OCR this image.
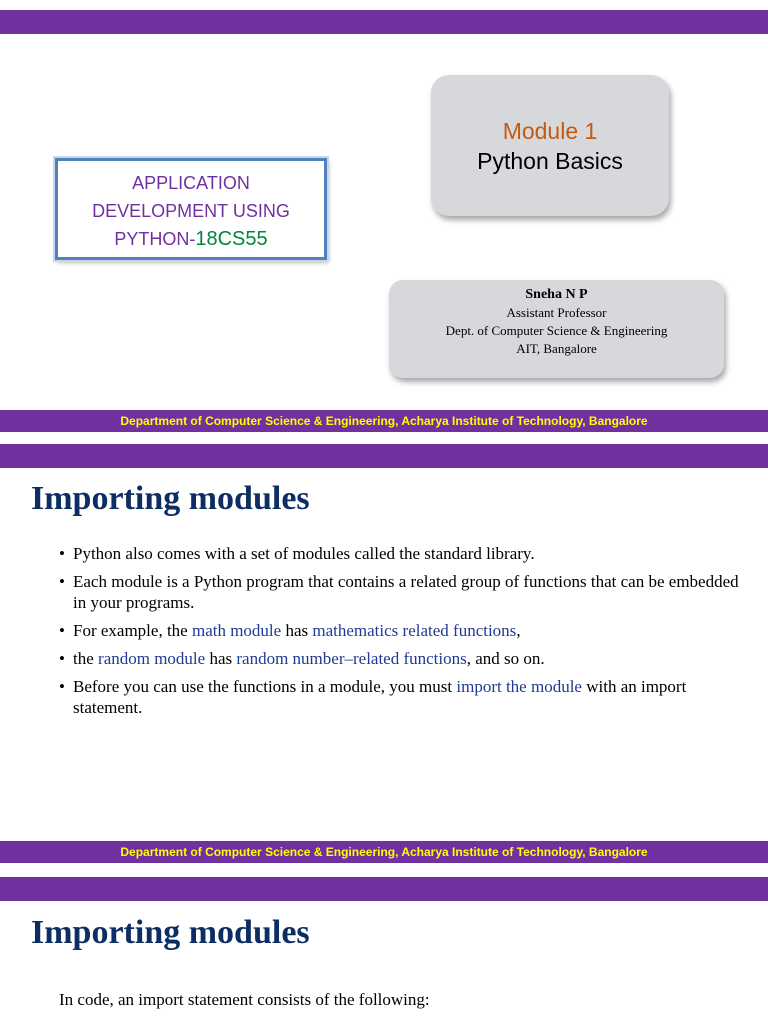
APPLICATION
DEVELOPMENT USING
PYTHON-18CS55
Module 1
Python Basics
Sneha N P
Assistant Professor
Dept. of Computer Science & Engineering
AIT, Bangalore
Department of Computer Science & Engineering, Acharya Institute of Technology, Bangalore
Importing modules
• Python also comes with a set of modules called the standard library.
• Each module is a Python program that contains a related group of functions that can be embedded in your programs.
• For example, the math module has mathematics related functions,
• the random module has random number–related functions, and so on.
• Before you can use the functions in a module, you must import the module with an import statement.
Department of Computer Science & Engineering, Acharya Institute of Technology, Bangalore
Importing modules
In code, an import statement consists of the following:
